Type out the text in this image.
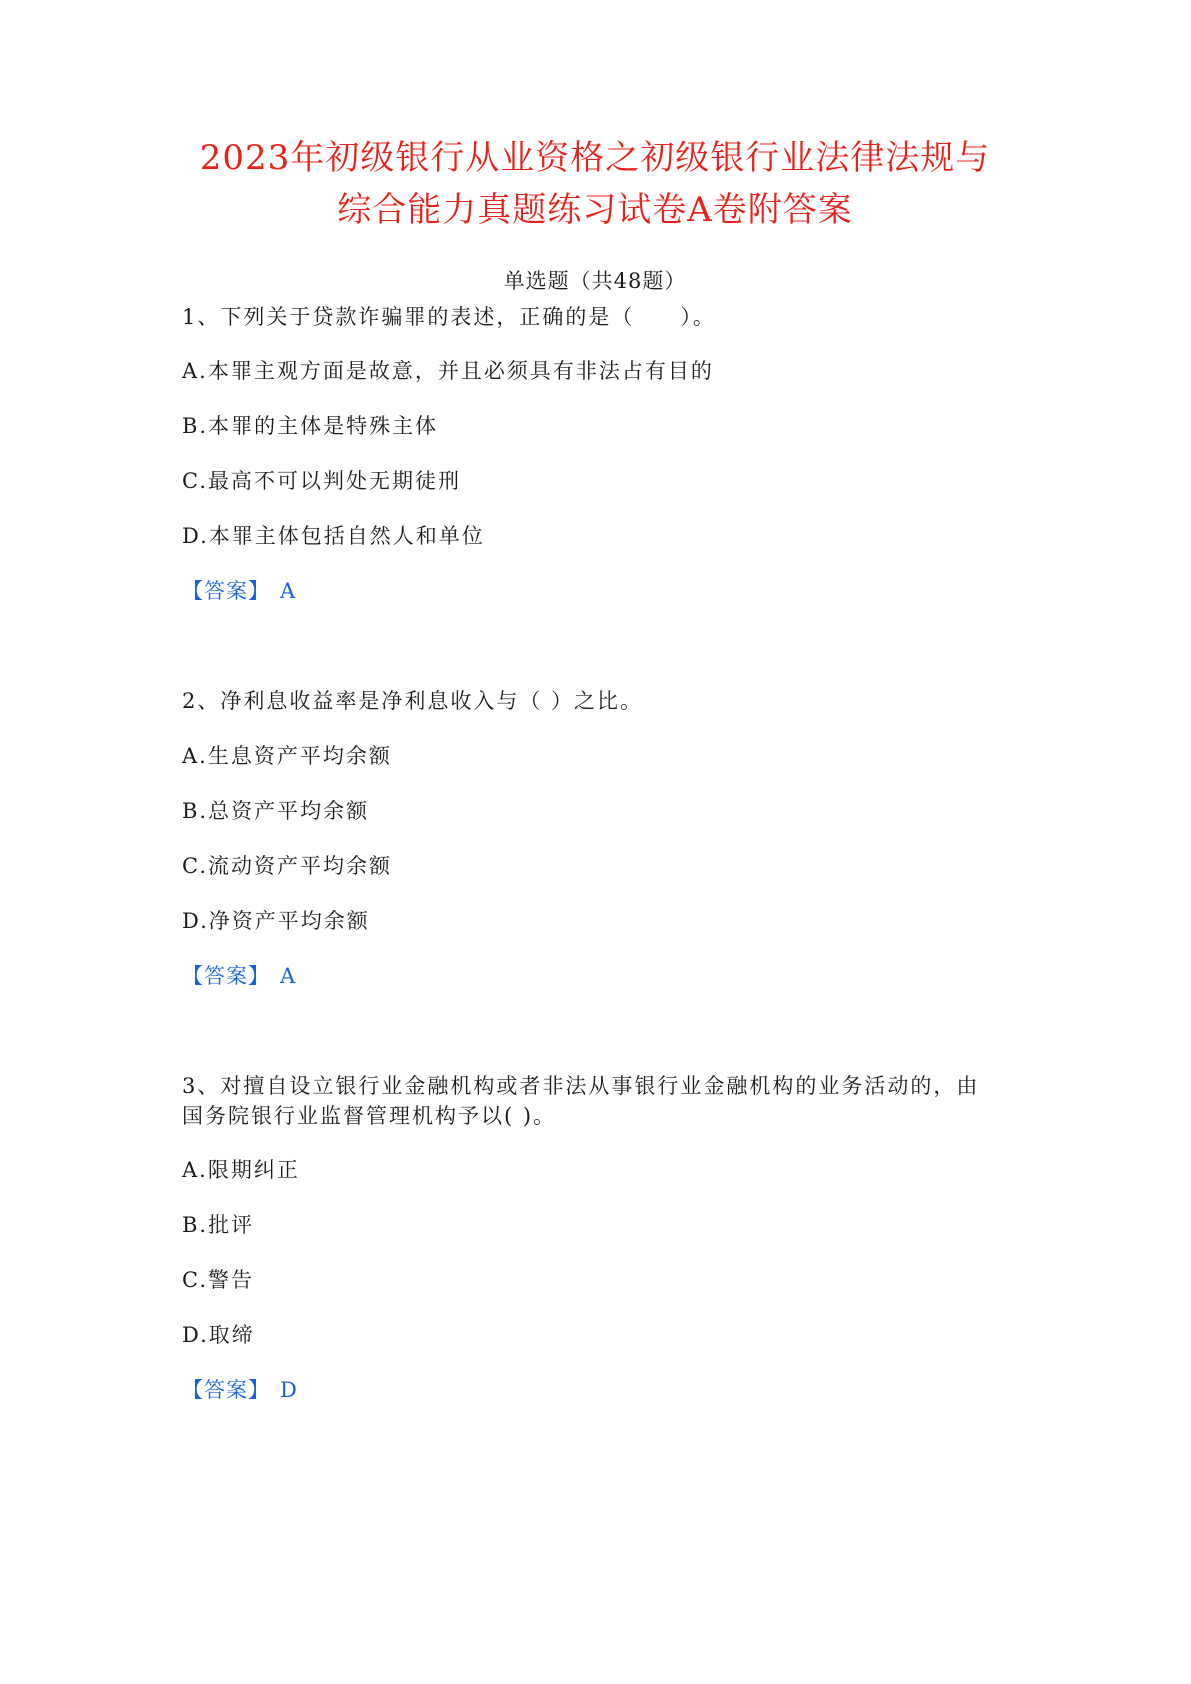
2023年初级银行从业资格之初级银行业法律法规与
综合能力真题练习试卷A卷附答案
单选题（共48题）
1、下列关于贷款诈骗罪的表述，正确的是（　　）。
A.本罪主观方面是故意，并且必须具有非法占有目的
B.本罪的主体是特殊主体
C.最高不可以判处无期徒刑
D.本罪主体包括自然人和单位
【答案】 A
2、净利息收益率是净利息收入与（ ）之比。
A.生息资产平均余额
B.总资产平均余额
C.流动资产平均余额
D.净资产平均余额
【答案】 A
3、对擅自设立银行业金融机构或者非法从事银行业金融机构的业务活动的，由
国务院银行业监督管理机构予以( )。
A.限期纠正
B.批评
C.警告
D.取缔
【答案】 D
